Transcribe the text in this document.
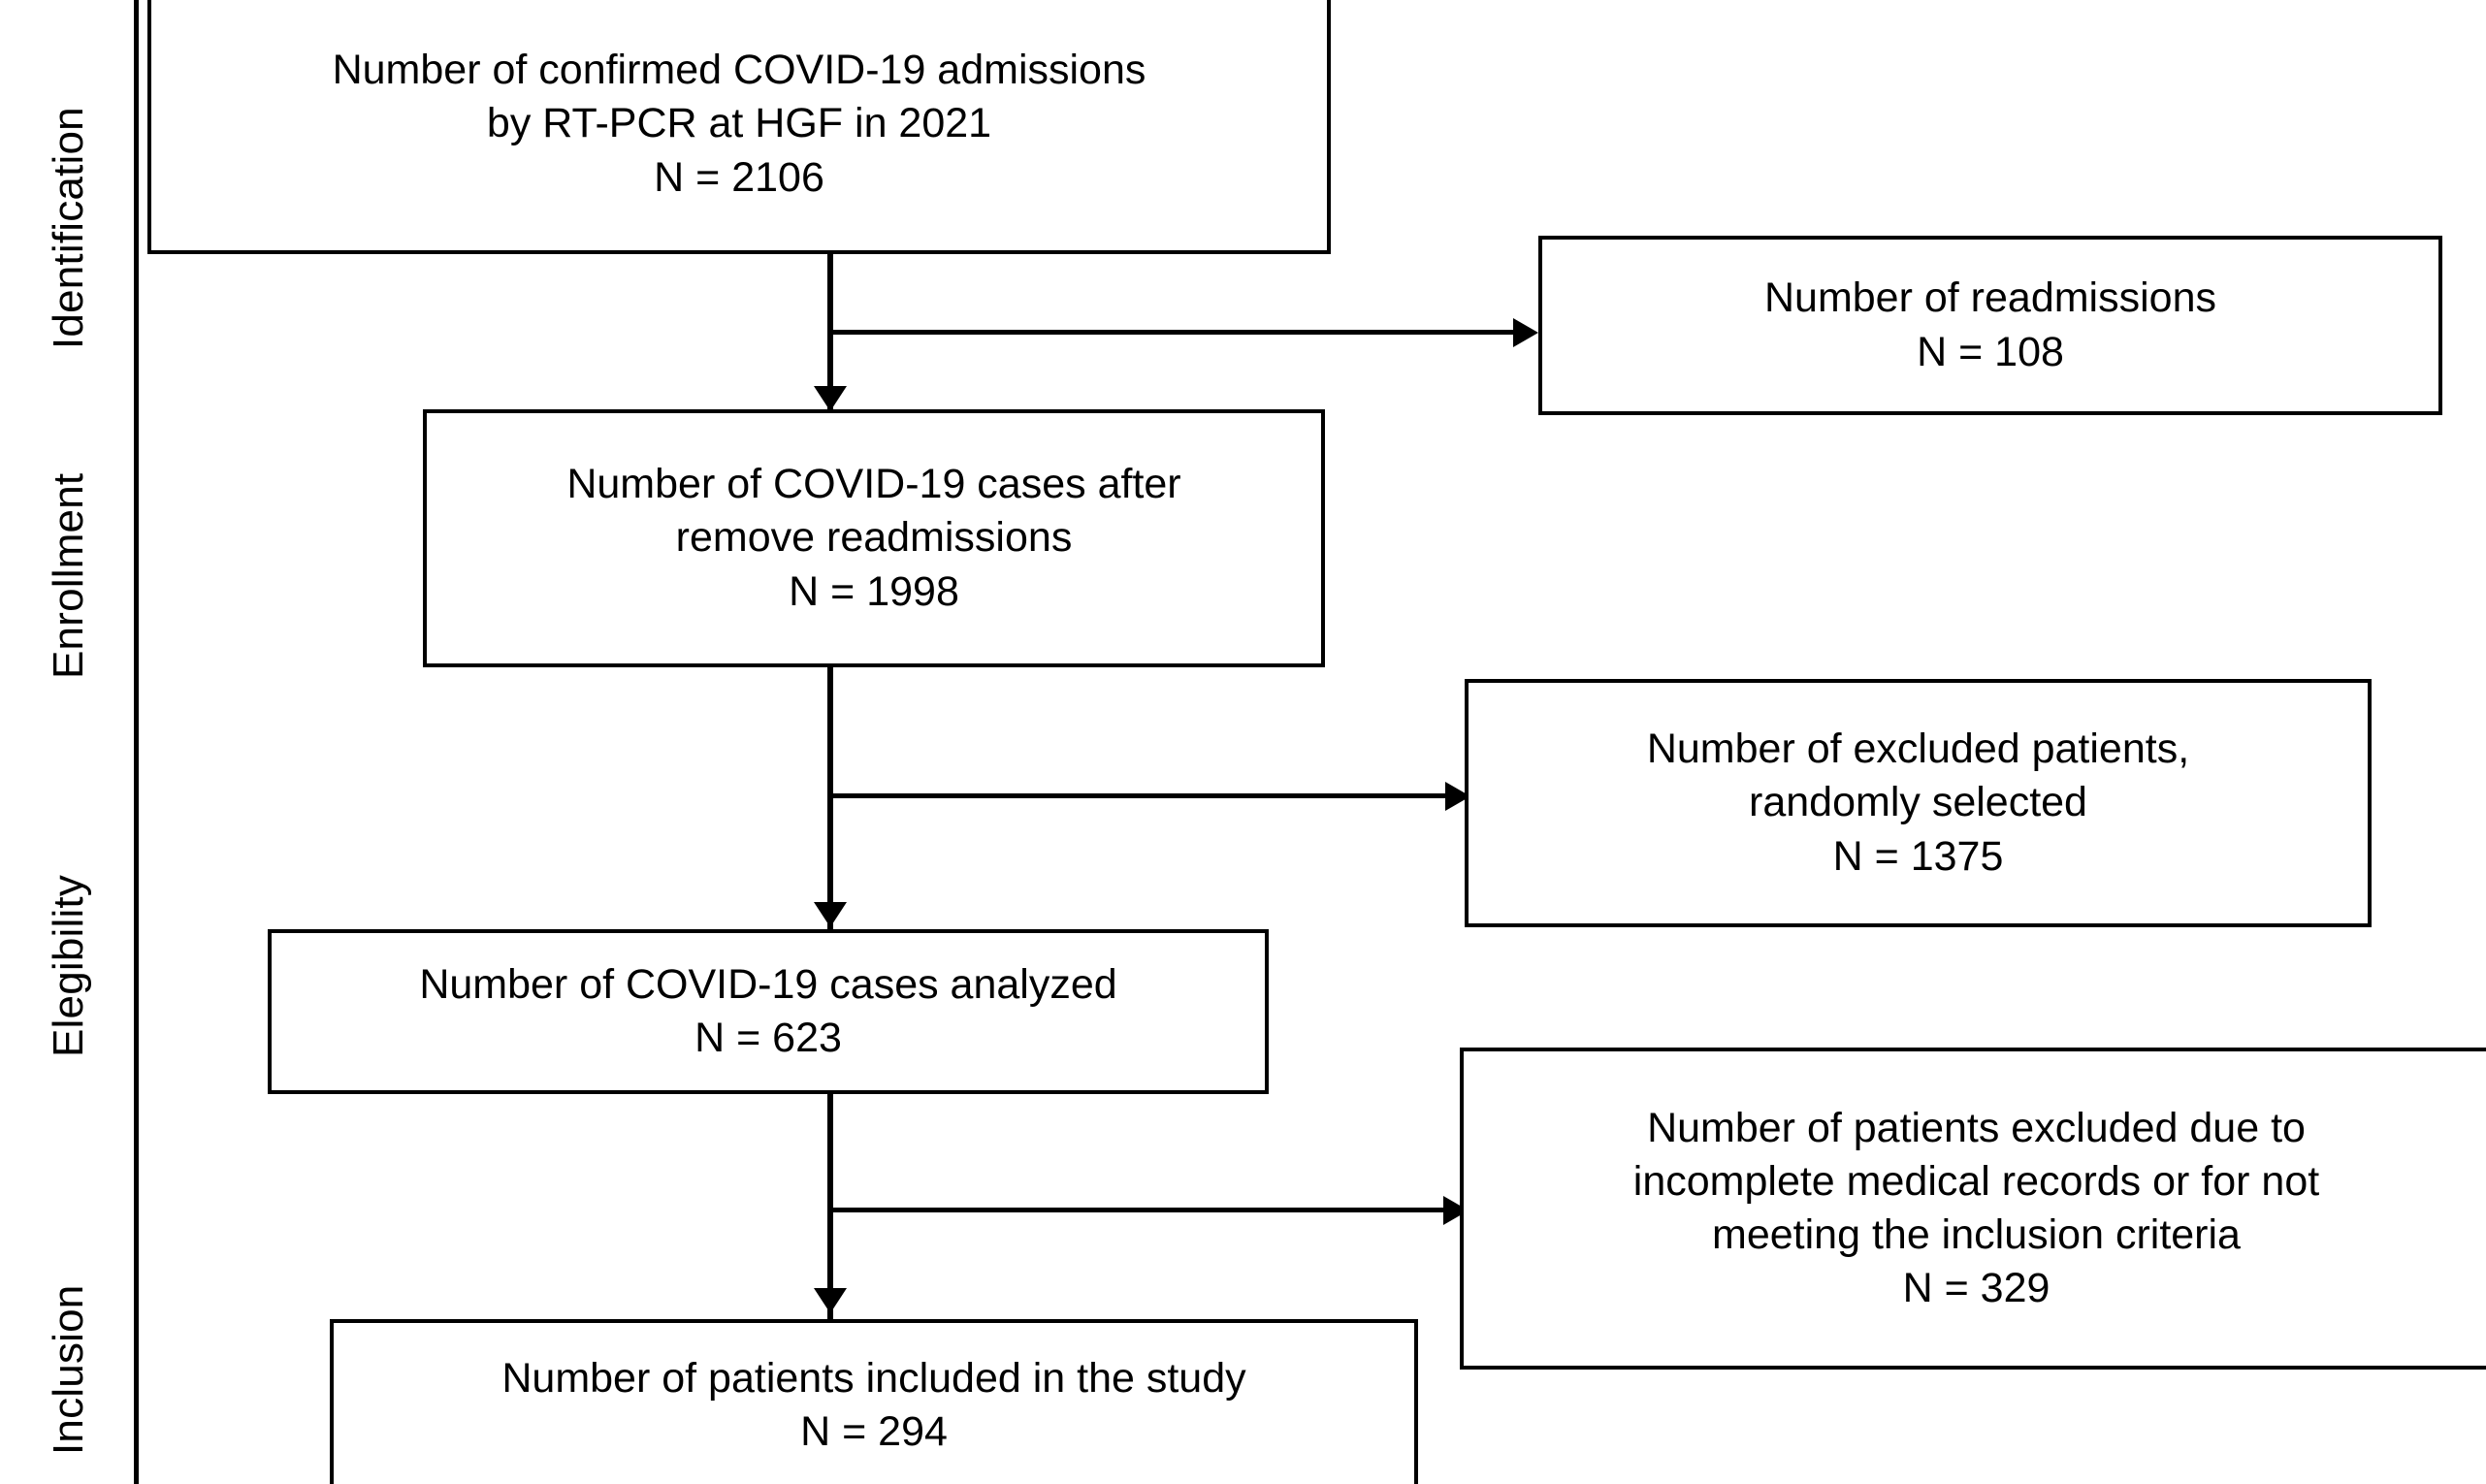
Identification
Enrollment
Elegibility
Inclusion
Number of confirmed COVID-19 admissions
by RT-PCR at HGF in 2021
N = 2106
Number of readmissions
N = 108
Number of COVID-19 cases after
remove readmissions
N = 1998
Number of excluded patients,
randomly selected
N = 1375
Number of COVID-19 cases analyzed
N = 623
Number of patients excluded due to
incomplete medical records or for not
meeting the inclusion criteria
N = 329
Number of patients included in the study
N = 294
